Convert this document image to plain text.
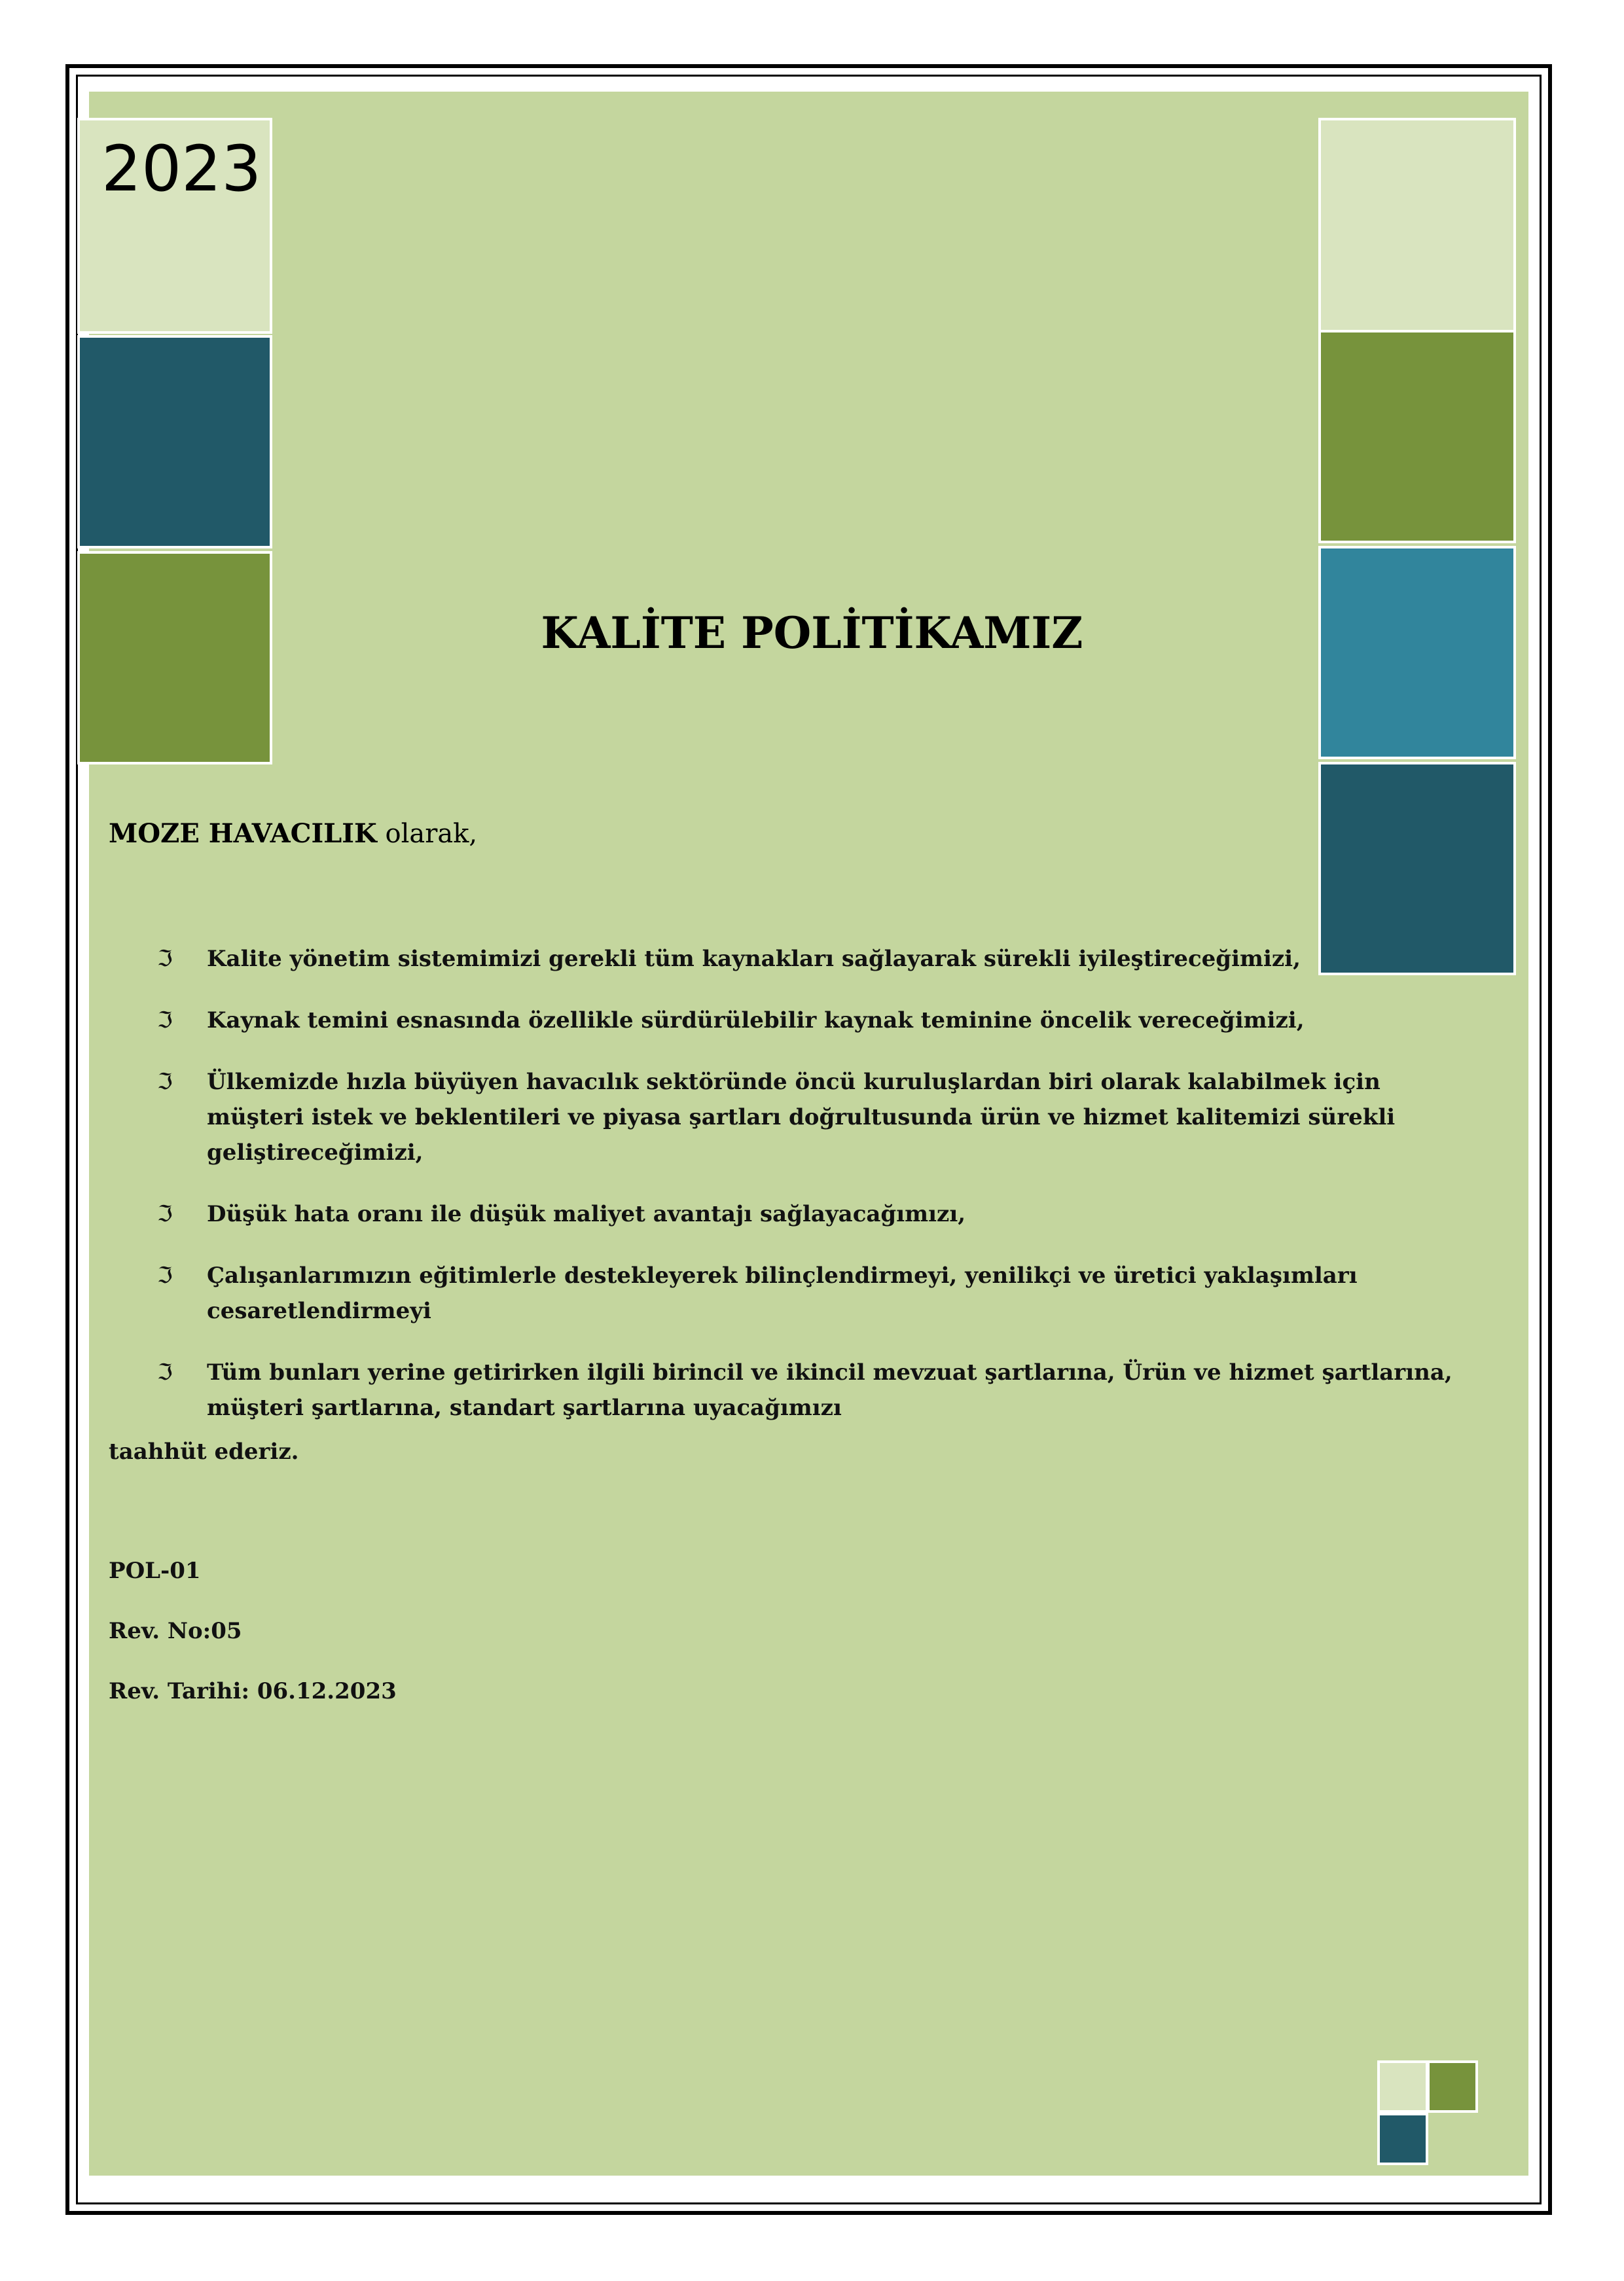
2023
KALİTE POLİTİKAMIZ
MOZE HAVACILIK olarak,
ℑ Kalite yönetim sistemimizi gerekli tüm kaynakları sağlayarak sürekli iyileştireceğimizi,
ℑ Kaynak temini esnasında özellikle sürdürülebilir kaynak teminine öncelik vereceğimizi,
ℑ Ülkemizde hızla büyüyen havacılık sektöründe öncü kuruluşlardan biri olarak kalabilmek için müşteri istek ve beklentileri ve piyasa şartları doğrultusunda ürün ve hizmet kalitemizi sürekli geliştireceğimizi,
ℑ Düşük hata oranı ile düşük maliyet avantajı sağlayacağımızı,
ℑ Çalışanlarımızın eğitimlerle destekleyerek bilinçlendirmeyi, yenilikçi ve üretici yaklaşımları cesaretlendirmeyi
ℑ Tüm bunları yerine getirirken ilgili birincil ve ikincil mevzuat şartlarına, Ürün ve hizmet şartlarına, müşteri şartlarına, standart şartlarına uyacağımızı
taahhüt ederiz.
POL-01
Rev. No:05
Rev. Tarihi: 06.12.2023
